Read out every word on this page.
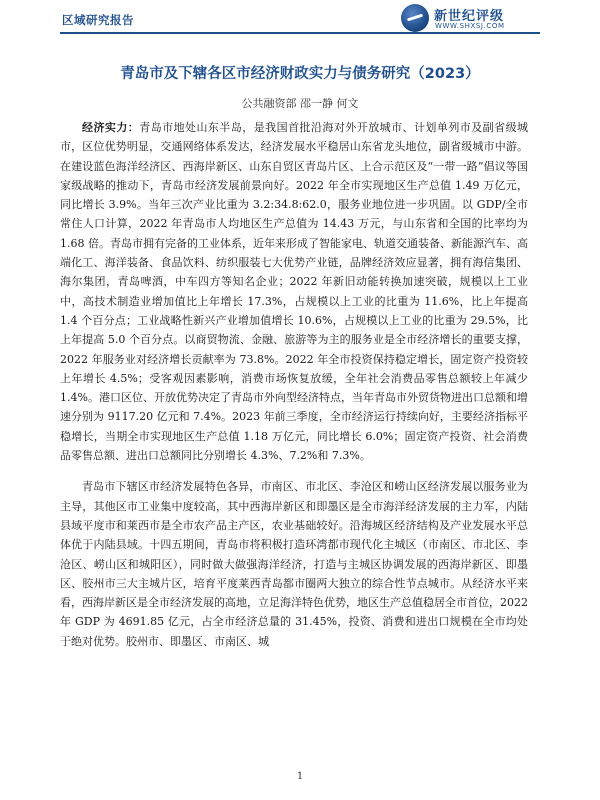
区域研究报告	新世纪评级
WWW.SHXSJ.COM
青岛市及下辖各区市经济财政实力与债务研究（2023）
公共融资部 邵一静 何文

经济实力：青岛市地处山东半岛，是我国首批沿海对外开放城市、计划单列市及副省级城市，区位优势明显，交通网络体系发达，经济发展水平稳居山东省龙头地位，副省级城市中游。在建设蓝色海洋经济区、西海岸新区、山东自贸区青岛片区、上合示范区及“一带一路”倡议等国家级战略的推动下，青岛市经济发展前景向好。2022 年全市实现地区生产总值 1.49 万亿元，同比增长 3.9%。当年三次产业比重为 3.2:34.8:62.0，服务业地位进一步巩固。以 GDP/全市常住人口计算，2022 年青岛市人均地区生产总值为 14.43 万元，与山东省和全国的比率均为 1.68 倍。青岛市拥有完备的工业体系，近年来形成了智能家电、轨道交通装备、新能源汽车、高端化工、海洋装备、食品饮料、纺织服装七大优势产业链，品牌经济效应显著，拥有海信集团、海尔集团，青岛啤酒，中车四方等知名企业；2022 年新旧动能转换加速突破，规模以上工业中，高技术制造业增加值比上年增长 17.3%，占规模以上工业的比重为 11.6%，比上年提高 1.4 个百分点；工业战略性新兴产业增加值增长 10.6%，占规模以上工业的比重为 29.5%，比上年提高 5.0 个百分点。以商贸物流、金融、旅游等为主的服务业是全市经济增长的重要支撑，2022 年服务业对经济增长贡献率为 73.8%。2022 年全市投资保持稳定增长，固定资产投资较上年增长 4.5%；受客观因素影响，消费市场恢复放缓，全年社会消费品零售总额较上年减少 1.4%。港口区位、开放优势决定了青岛市外向型经济特点，当年青岛市外贸货物进出口总额和增速分别为 9117.20 亿元和 7.4%。2023 年前三季度，全市经济运行持续向好，主要经济指标平稳增长，当期全市实现地区生产总值 1.18 万亿元，同比增长 6.0%；固定资产投资、社会消费品零售总额、进出口总额同比分别增长 4.3%、7.2%和 7.3%。

青岛市下辖区市经济发展特色各异，市南区、市北区、李沧区和崂山区经济发展以服务业为主导，其他区市工业集中度较高，其中西海岸新区和即墨区是全市海洋经济发展的主力军，内陆县域平度市和莱西市是全市农产品主产区，农业基础较好。沿海城区经济结构及产业发展水平总体优于内陆县域。十四五期间，青岛市将积极打造环湾都市现代化主城区（市南区、市北区、李沧区、崂山区和城阳区），同时做大做强海洋经济，打造与主城区协调发展的西海岸新区、即墨区、胶州市三大主城片区，培育平度莱西青岛都市圈两大独立的综合性节点城市。从经济水平来看，西海岸新区是全市经济发展的高地，立足海洋特色优势，地区生产总值稳居全市首位，2022 年 GDP 为 4691.85 亿元，占全市经济总量的 31.45%，投资、消费和进出口规模在全市均处于绝对优势。胶州市、即墨区、市南区、城

1
